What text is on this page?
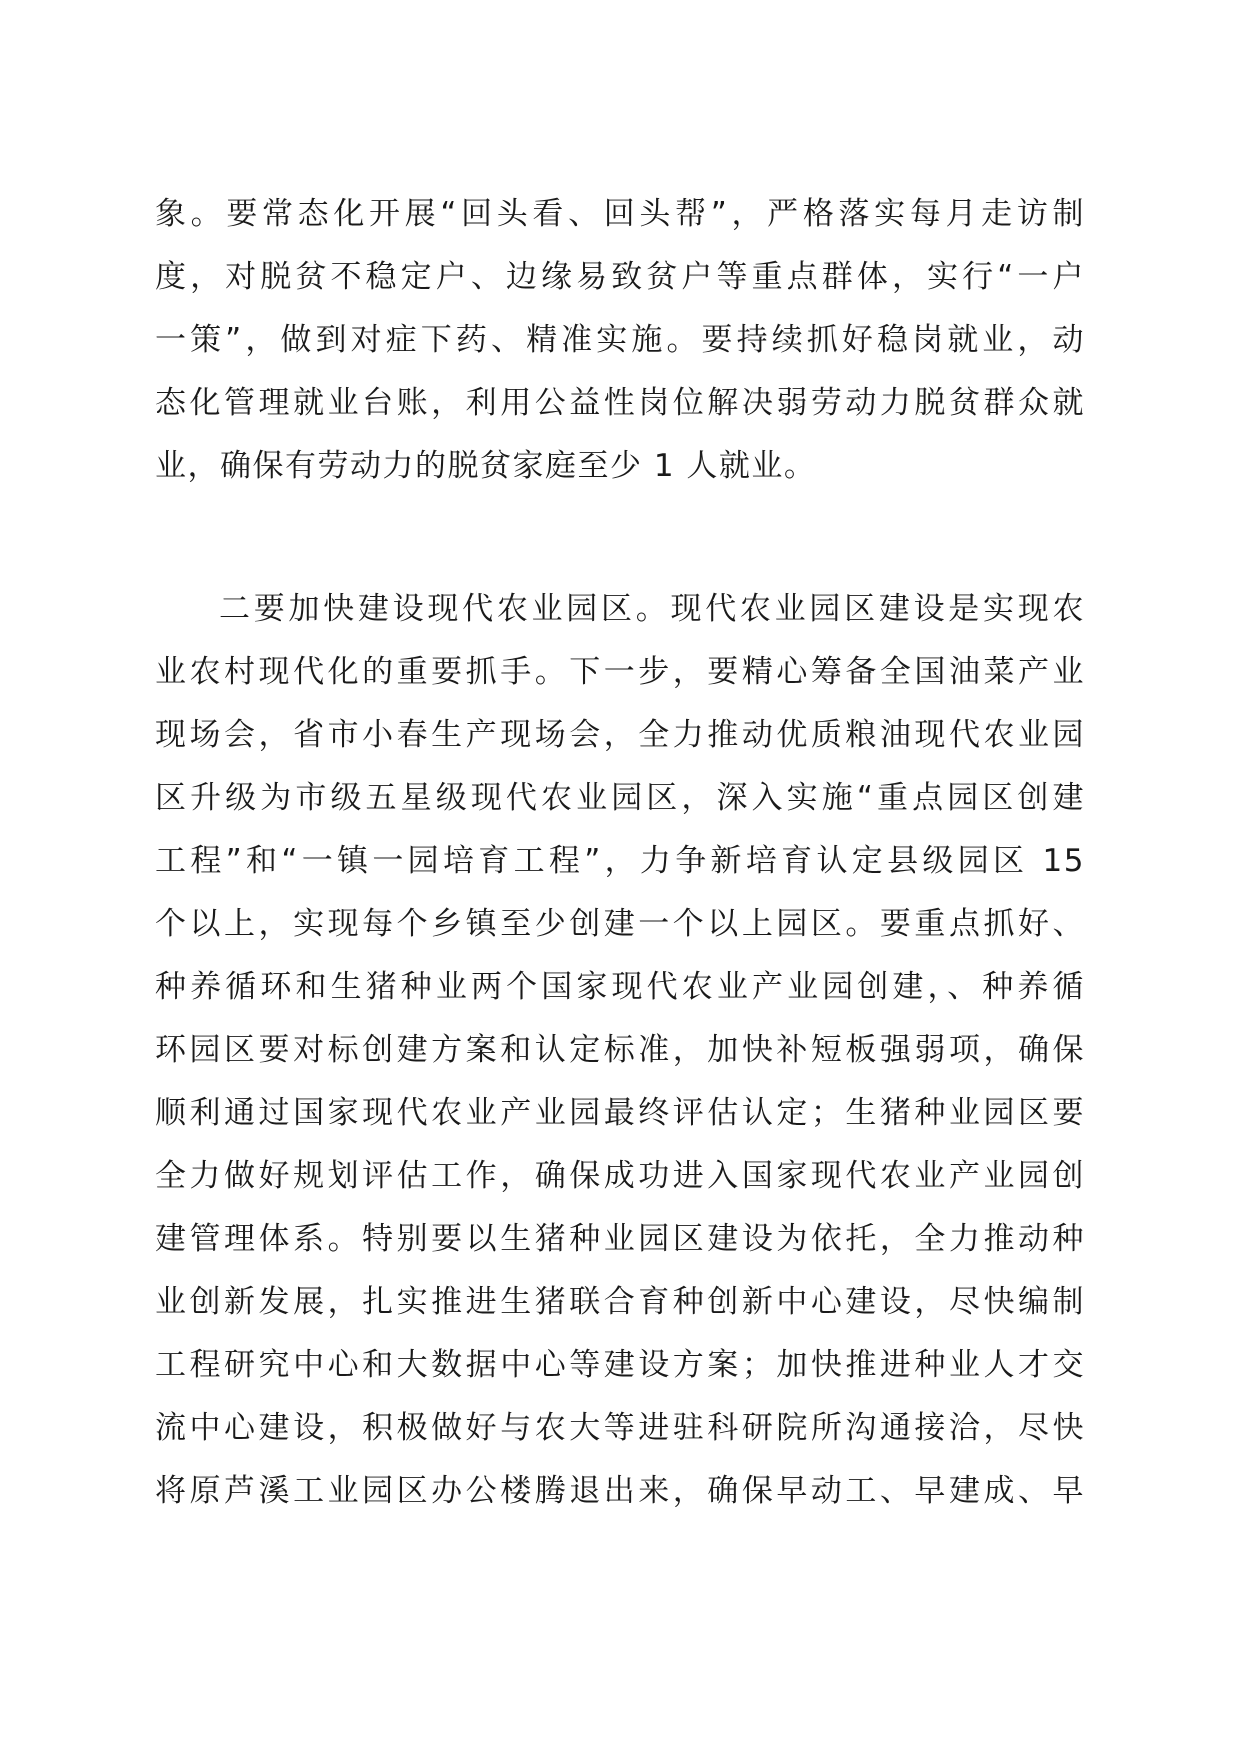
象。要常态化开展“回头看、回头帮”，严格落实每月走访制
度，对脱贫不稳定户、边缘易致贫户等重点群体，实行“一户
一策”，做到对症下药、精准实施。要持续抓好稳岗就业，动
态化管理就业台账，利用公益性岗位解决弱劳动力脱贫群众就
业，确保有劳动力的脱贫家庭至少 1 人就业。
二要加快建设现代农业园区。现代农业园区建设是实现农
业农村现代化的重要抓手。下一步，要精心筹备全国油菜产业
现场会，省市小春生产现场会，全力推动优质粮油现代农业园
区升级为市级五星级现代农业园区，深入实施“重点园区创建
工程”和“一镇一园培育工程”，力争新培育认定县级园区 15
个以上，实现每个乡镇至少创建一个以上园区。要重点抓好、
种养循环和生猪种业两个国家现代农业产业园创建，、种养循
环园区要对标创建方案和认定标准，加快补短板强弱项，确保
顺利通过国家现代农业产业园最终评估认定；生猪种业园区要
全力做好规划评估工作，确保成功进入国家现代农业产业园创
建管理体系。特别要以生猪种业园区建设为依托，全力推动种
业创新发展，扎实推进生猪联合育种创新中心建设，尽快编制
工程研究中心和大数据中心等建设方案；加快推进种业人才交
流中心建设，积极做好与农大等进驻科研院所沟通接洽，尽快
将原芦溪工业园区办公楼腾退出来，确保早动工、早建成、早
